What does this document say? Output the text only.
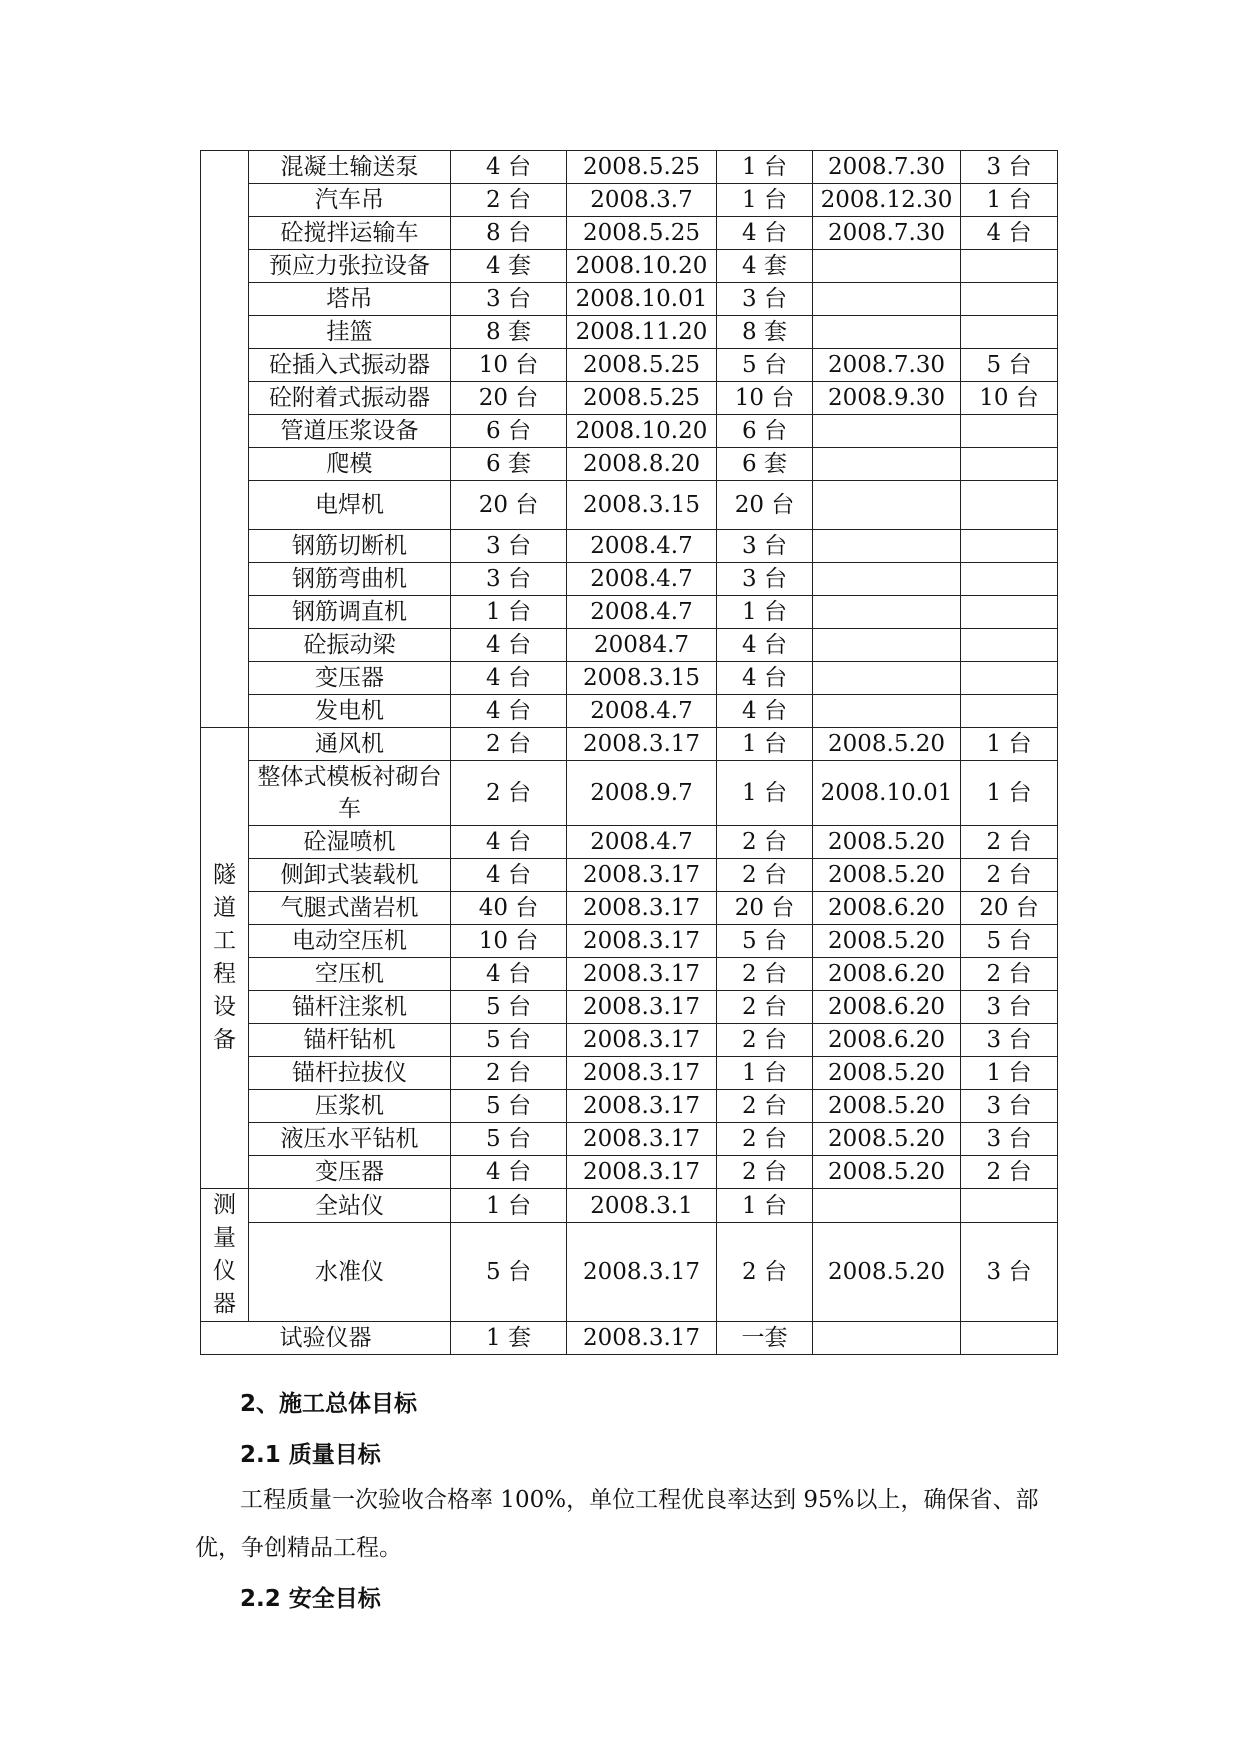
	混凝土输送泵	4 台	2008.5.25	1 台	2008.7.30	3 台
	汽车吊	2 台	2008.3.7	1 台	2008.12.30	1 台
	砼搅拌运输车	8 台	2008.5.25	4 台	2008.7.30	4 台
	预应力张拉设备	4 套	2008.10.20	4 套		
	塔吊	3 台	2008.10.01	3 台		
	挂篮	8 套	2008.11.20	8 套		
	砼插入式振动器	10 台	2008.5.25	5 台	2008.7.30	5 台
	砼附着式振动器	20 台	2008.5.25	10 台	2008.9.30	10 台
	管道压浆设备	6 台	2008.10.20	6 台		
	爬模	6 套	2008.8.20	6 套		
	电焊机	20 台	2008.3.15	20 台		
	钢筋切断机	3 台	2008.4.7	3 台		
	钢筋弯曲机	3 台	2008.4.7	3 台		
	钢筋调直机	1 台	2008.4.7	1 台		
	砼振动梁	4 台	20084.7	4 台		
	变压器	4 台	2008.3.15	4 台		
	发电机	4 台	2008.4.7	4 台		
隧道工程设备	通风机	2 台	2008.3.17	1 台	2008.5.20	1 台
	整体式模板衬砌台车	2 台	2008.9.7	1 台	2008.10.01	1 台
	砼湿喷机	4 台	2008.4.7	2 台	2008.5.20	2 台
	侧卸式装载机	4 台	2008.3.17	2 台	2008.5.20	2 台
	气腿式凿岩机	40 台	2008.3.17	20 台	2008.6.20	20 台
	电动空压机	10 台	2008.3.17	5 台	2008.5.20	5 台
	空压机	4 台	2008.3.17	2 台	2008.6.20	2 台
	锚杆注浆机	5 台	2008.3.17	2 台	2008.6.20	3 台
	锚杆钻机	5 台	2008.3.17	2 台	2008.6.20	3 台
	锚杆拉拔仪	2 台	2008.3.17	1 台	2008.5.20	1 台
	压浆机	5 台	2008.3.17	2 台	2008.5.20	3 台
	液压水平钻机	5 台	2008.3.17	2 台	2008.5.20	3 台
	变压器	4 台	2008.3.17	2 台	2008.5.20	2 台
测量仪器	全站仪	1 台	2008.3.1	1 台		
	水准仪	5 台	2008.3.17	2 台	2008.5.20	3 台
试验仪器		1 套	2008.3.17	一套		
2、施工总体目标
2.1 质量目标
工程质量一次验收合格率 100%，单位工程优良率达到 95%以上，确保省、部优，争创精品工程。
2.2 安全目标
